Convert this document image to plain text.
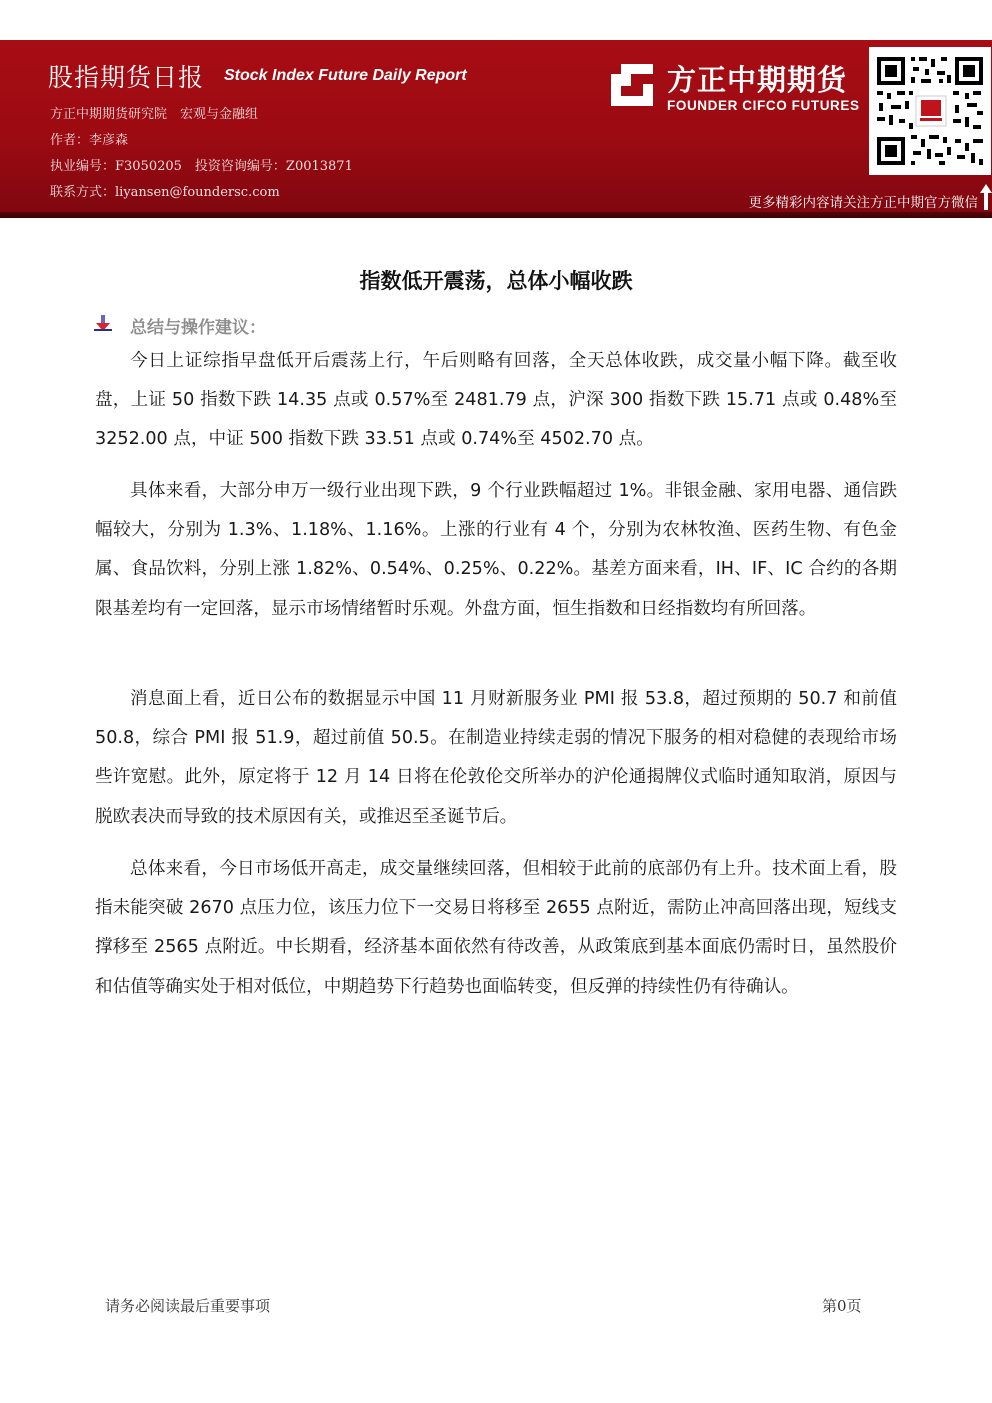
股指期货日报 Stock Index Future Daily Report
方正中期期货研究院　宏观与金融组
作者：李彦森
执业编号：F3050205　投资咨询编号：Z0013871
联系方式：liyansen@foundersc.com
方正中期期货
FOUNDER CIFCO FUTURES
更多精彩内容请关注方正中期官方微信
指数低开震荡，总体小幅收跌
总结与操作建议：

今日上证综指早盘低开后震荡上行，午后则略有回落，全天总体收跌，成交量小幅下降。截至收盘，上证 50 指数下跌 14.35 点或 0.57%至 2481.79 点，沪深 300 指数下跌 15.71 点或 0.48%至 3252.00 点，中证 500 指数下跌 33.51 点或 0.74%至 4502.70 点。

具体来看，大部分申万一级行业出现下跌，9 个行业跌幅超过 1%。非银金融、家用电器、通信跌幅较大，分别为 1.3%、1.18%、1.16%。上涨的行业有 4 个，分别为农林牧渔、医药生物、有色金属、食品饮料，分别上涨 1.82%、0.54%、0.25%、0.22%。基差方面来看，IH、IF、IC 合约的各期限基差均有一定回落，显示市场情绪暂时乐观。外盘方面，恒生指数和日经指数均有所回落。

消息面上看，近日公布的数据显示中国 11 月财新服务业 PMI 报 53.8，超过预期的 50.7 和前值 50.8，综合 PMI 报 51.9，超过前值 50.5。在制造业持续走弱的情况下服务的相对稳健的表现给市场些许宽慰。此外，原定将于 12 月 14 日将在伦敦伦交所举办的沪伦通揭牌仪式临时通知取消，原因与脱欧表决而导致的技术原因有关，或推迟至圣诞节后。

总体来看，今日市场低开高走，成交量继续回落，但相较于此前的底部仍有上升。技术面上看，股指未能突破 2670 点压力位，该压力位下一交易日将移至 2655 点附近，需防止冲高回落出现，短线支撑移至 2565 点附近。中长期看，经济基本面依然有待改善，从政策底到基本面底仍需时日，虽然股价和估值等确实处于相对低位，中期趋势下行趋势也面临转变，但反弹的持续性仍有待确认。

请务必阅读最后重要事项	第0页
